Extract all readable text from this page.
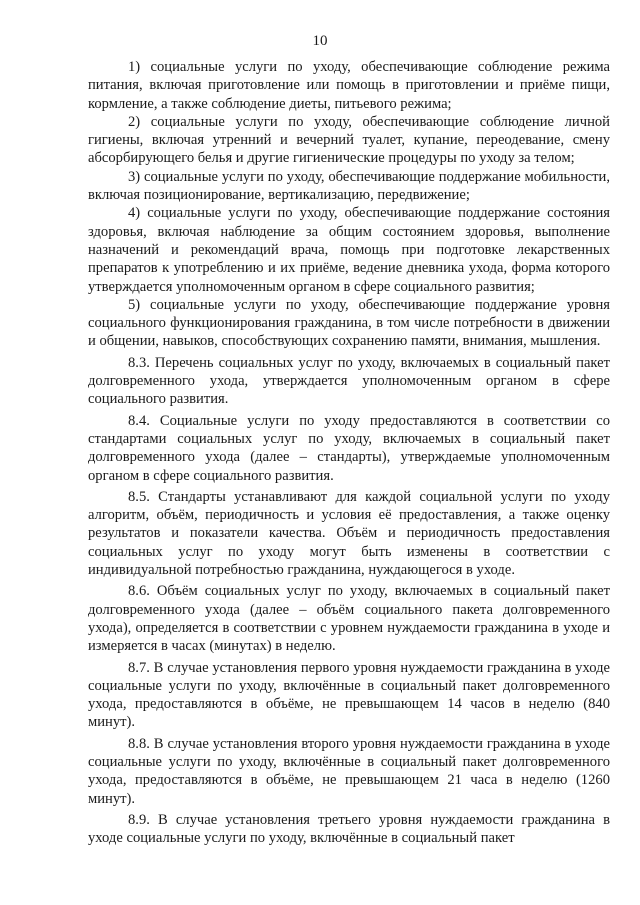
10

1) социальные услуги по уходу, обеспечивающие соблюдение режима питания, включая приготовление или помощь в приготовлении и приёме пищи, кормление, а также соблюдение диеты, питьевого режима;

2) социальные услуги по уходу, обеспечивающие соблюдение личной гигиены, включая утренний и вечерний туалет, купание, переодевание, смену абсорбирующего белья и другие гигиенические процедуры по уходу за телом;

3) социальные услуги по уходу, обеспечивающие поддержание мобильности, включая позиционирование, вертикализацию, передвижение;

4) социальные услуги по уходу, обеспечивающие поддержание состояния здоровья, включая наблюдение за общим состоянием здоровья, выполнение назначений и рекомендаций врача, помощь при подготовке лекарственных препаратов к употреблению и их приёме, ведение дневника ухода, форма которого утверждается уполномоченным органом в сфере социального развития;

5) социальные услуги по уходу, обеспечивающие поддержание уровня социального функционирования гражданина, в том числе потребности в движении и общении, навыков, способствующих сохранению памяти, внимания, мышления.

8.3. Перечень социальных услуг по уходу, включаемых в социальный пакет долговременного ухода, утверждается уполномоченным органом в сфере социального развития.

8.4. Социальные услуги по уходу предоставляются в соответствии со стандартами социальных услуг по уходу, включаемых в социальный пакет долговременного ухода (далее – стандарты), утверждаемые уполномоченным органом в сфере социального развития.

8.5. Стандарты устанавливают для каждой социальной услуги по уходу алгоритм, объём, периодичность и условия её предоставления, а также оценку результатов и показатели качества. Объём и периодичность предоставления социальных услуг по уходу могут быть изменены в соответствии с индивидуальной потребностью гражданина, нуждающегося в уходе.

8.6. Объём социальных услуг по уходу, включаемых в социальный пакет долговременного ухода (далее – объём социального пакета долговременного ухода), определяется в соответствии с уровнем нуждаемости гражданина в уходе и измеряется в часах (минутах) в неделю.

8.7. В случае установления первого уровня нуждаемости гражданина в уходе социальные услуги по уходу, включённые в социальный пакет долговременного ухода, предоставляются в объёме, не превышающем 14 часов в неделю (840 минут).

8.8. В случае установления второго уровня нуждаемости гражданина в уходе социальные услуги по уходу, включённые в социальный пакет долговременного ухода, предоставляются в объёме, не превышающем 21 часа в неделю (1260 минут).

8.9. В случае установления третьего уровня нуждаемости гражданина в уходе социальные услуги по уходу, включённые в социальный пакет
